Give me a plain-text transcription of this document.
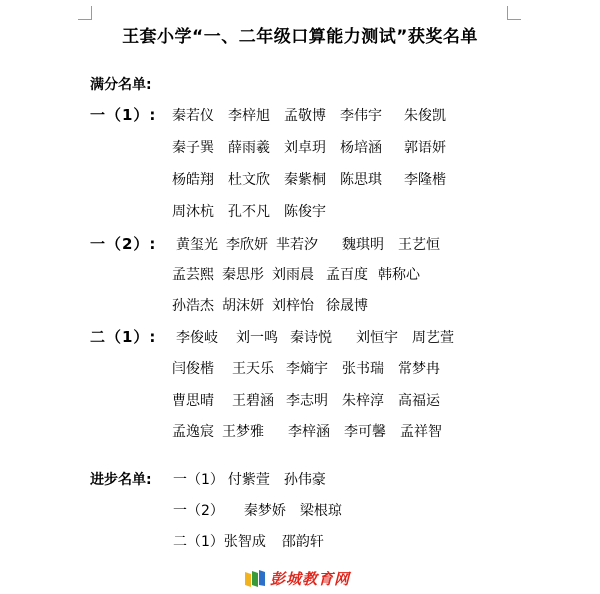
王套小学“一、二年级口算能力测试”获奖名单
满分名单:
一（1）: 秦若仪 李梓旭 孟敬博 李伟宇 朱俊凯
秦子巽 薛雨羲 刘卓玥 杨培涵 郭语妍
杨皓翔 杜文欣 秦紫桐 陈思琪 李隆楷
周沐杭 孔不凡 陈俊宇
一（2）: 黄玺光 李欣妍 芈若汐 魏琪明 王艺恒
孟芸熙 秦思彤 刘雨晨 孟百度 韩称心
孙浩杰 胡沫妍 刘梓怡 徐晟博
二（1）: 李俊岐 刘一鸣 秦诗悦 刘恒宇 周艺萱
闫俊楷 王天乐 李熵宇 张书瑞 常梦冉
曹思晴 王碧涵 李志明 朱梓淳 高福运
孟逸宸 王梦雅 李梓涵 李可馨 孟祥智
进步名单: 一（1） 付紫萱 孙伟豪
一（2） 秦梦娇 梁根琼
二（1）张智成 邵韵轩
彭城教育网
